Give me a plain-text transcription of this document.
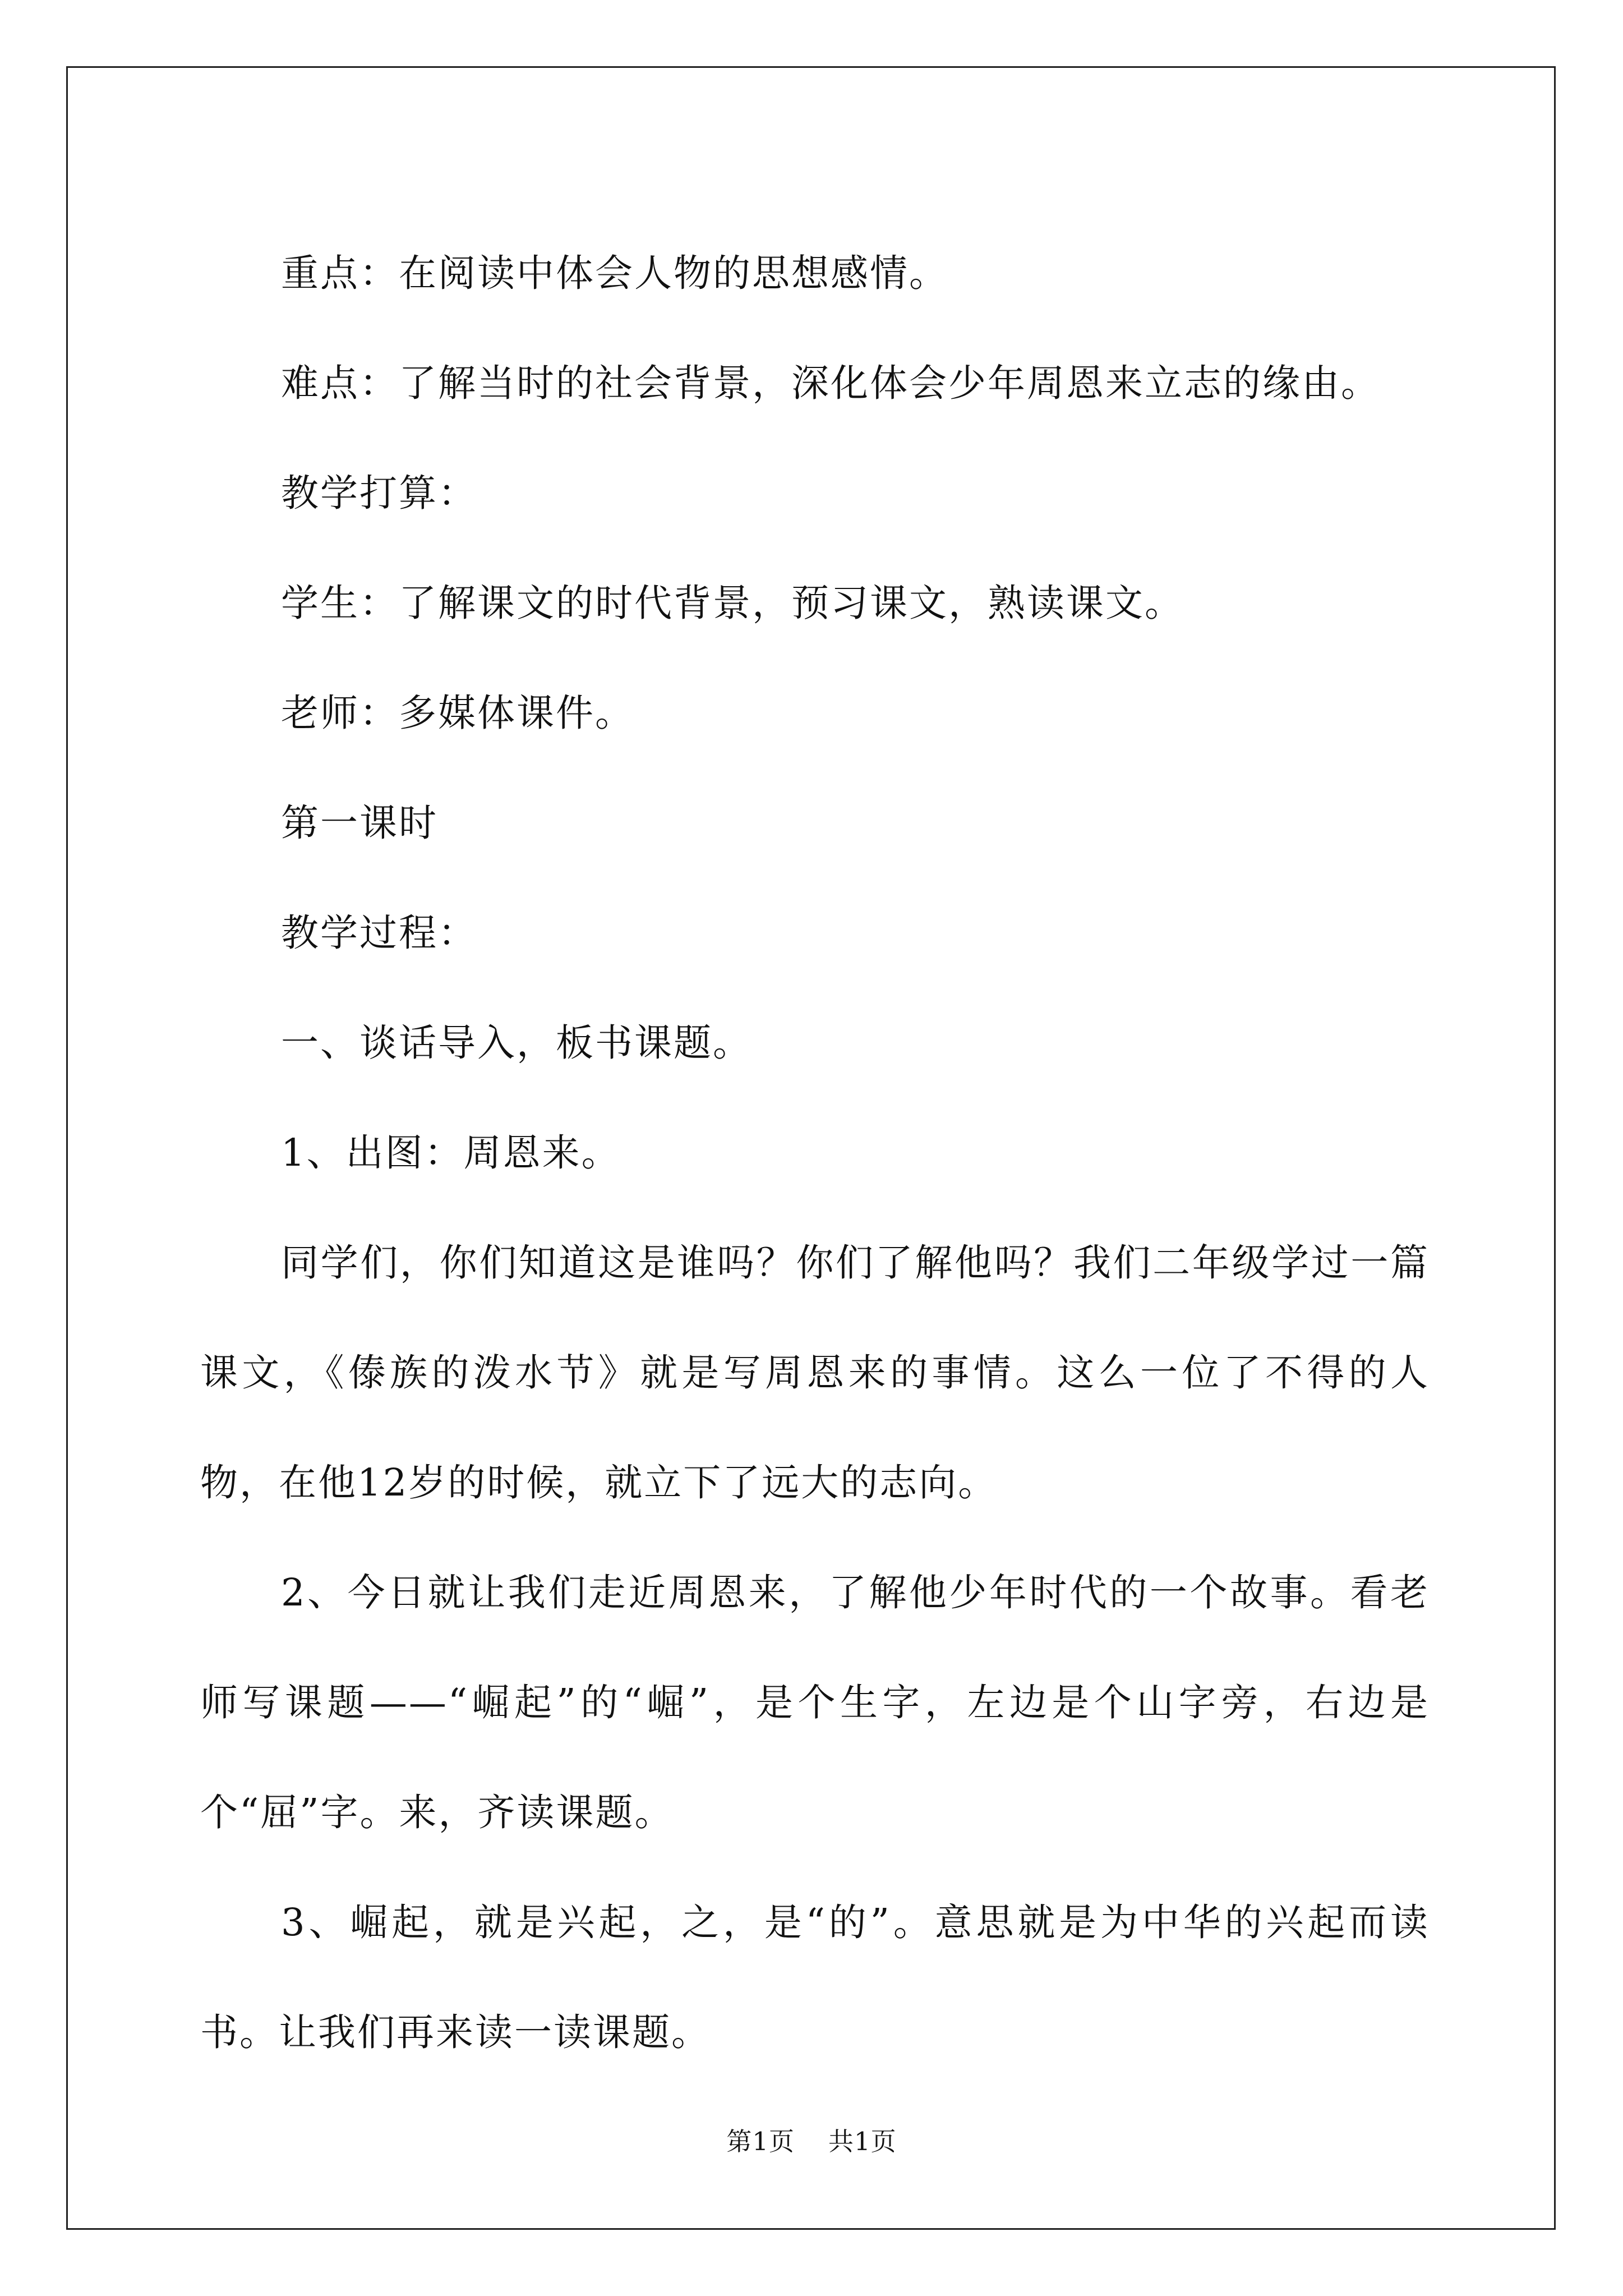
重点：在阅读中体会人物的思想感情。

难点：了解当时的社会背景，深化体会少年周恩来立志的缘由。

教学打算：

学生：了解课文的时代背景，预习课文，熟读课文。

老师：多媒体课件。

第一课时

教学过程：

一、谈话导入，板书课题。

1、出图：周恩来。

同学们，你们知道这是谁吗？你们了解他吗？我们二年级学过一篇课文，《傣族的泼水节》就是写周恩来的事情。这么一位了不得的人物，在他12岁的时候，就立下了远大的志向。

2、今日就让我们走近周恩来，了解他少年时代的一个故事。看老师写课题——“崛起”的“崛”，是个生字，左边是个山字旁，右边是个“屈”字。来，齐读课题。

3、崛起，就是兴起，之，是“的”。意思就是为中华的兴起而读书。让我们再来读一读课题。

第1页 共1页
